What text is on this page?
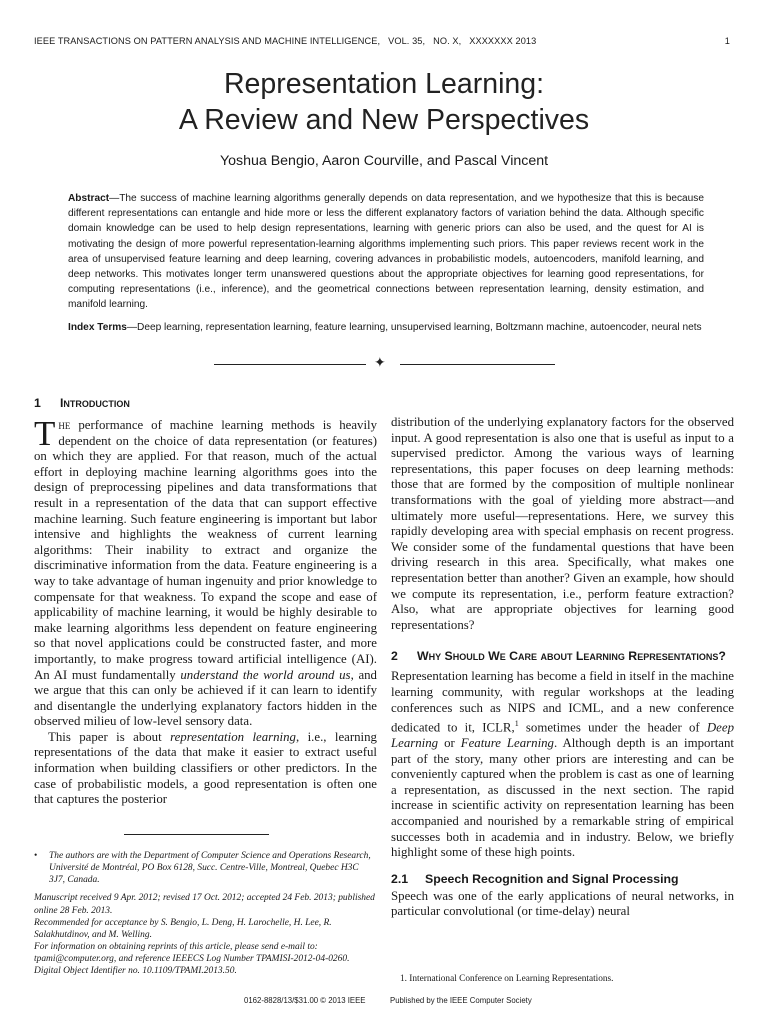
IEEE TRANSACTIONS ON PATTERN ANALYSIS AND MACHINE INTELLIGENCE,   VOL. 35,   NO. X,   XXXXXXX 2013	1
Representation Learning:
A Review and New Perspectives
Yoshua Bengio, Aaron Courville, and Pascal Vincent
Abstract—The success of machine learning algorithms generally depends on data representation, and we hypothesize that this is because different representations can entangle and hide more or less the different explanatory factors of variation behind the data. Although specific domain knowledge can be used to help design representations, learning with generic priors can also be used, and the quest for AI is motivating the design of more powerful representation-learning algorithms implementing such priors. This paper reviews recent work in the area of unsupervised feature learning and deep learning, covering advances in probabilistic models, autoencoders, manifold learning, and deep networks. This motivates longer term unanswered questions about the appropriate objectives for learning good representations, for computing representations (i.e., inference), and the geometrical connections between representation learning, density estimation, and manifold learning.
Index Terms—Deep learning, representation learning, feature learning, unsupervised learning, Boltzmann machine, autoencoder, neural nets
✦
1	Introduction

The performance of machine learning methods is heavily dependent on the choice of data representation (or features) on which they are applied. For that reason, much of the actual effort in deploying machine learning algorithms goes into the design of preprocessing pipelines and data transformations that result in a representation of the data that can support effective machine learning. Such feature engineering is important but labor intensive and highlights the weakness of current learning algorithms: Their inability to extract and organize the discriminative information from the data. Feature engineering is a way to take advantage of human ingenuity and prior knowledge to compensate for that weakness. To expand the scope and ease of applicability of machine learning, it would be highly desirable to make learning algorithms less dependent on feature engineering so that novel applications could be constructed faster, and more importantly, to make progress toward artificial intelligence (AI). An AI must fundamentally understand the world around us, and we argue that this can only be achieved if it can learn to identify and disentangle the underlying explanatory factors hidden in the observed milieu of low-level sensory data.

This paper is about representation learning, i.e., learning representations of the data that make it easier to extract useful information when building classifiers or other predictors. In the case of probabilistic models, a good representation is often one that captures the posterior

•	The authors are with the Department of Computer Science and Operations Research, Université de Montréal, PO Box 6128, Succ. Centre-Ville, Montreal, Quebec H3C 3J7, Canada.
Manuscript received 9 Apr. 2012; revised 17 Oct. 2012; accepted 24 Feb. 2013; published online 28 Feb. 2013.
Recommended for acceptance by S. Bengio, L. Deng, H. Larochelle, H. Lee, R. Salakhutdinov, and M. Welling.
For information on obtaining reprints of this article, please send e-mail to: tpami@computer.org, and reference IEEECS Log Number TPAMISI-2012-04-0260.
Digital Object Identifier no. 10.1109/TPAMI.2013.50.

distribution of the underlying explanatory factors for the observed input. A good representation is also one that is useful as input to a supervised predictor. Among the various ways of learning representations, this paper focuses on deep learning methods: those that are formed by the composition of multiple nonlinear transformations with the goal of yielding more abstract—and ultimately more useful—representations. Here, we survey this rapidly developing area with special emphasis on recent progress. We consider some of the fundamental questions that have been driving research in this area. Specifically, what makes one representation better than another? Given an example, how should we compute its representation, i.e., perform feature extraction? Also, what are appropriate objectives for learning good representations?

2	Why Should We Care about Learning Representations?

Representation learning has become a field in itself in the machine learning community, with regular workshops at the leading conferences such as NIPS and ICML, and a new conference dedicated to it, ICLR,$^1$ sometimes under the header of Deep Learning or Feature Learning. Although depth is an important part of the story, many other priors are interesting and can be conveniently captured when the problem is cast as one of learning a representation, as discussed in the next section. The rapid increase in scientific activity on representation learning has been accompanied and nourished by a remarkable string of empirical successes both in academia and in industry. Below, we briefly highlight some of these high points.

2.1	Speech Recognition and Signal Processing

Speech was one of the early applications of neural networks, in particular convolutional (or time-delay) neural

1. International Conference on Learning Representations.
0162-8828/13/$31.00 © 2013 IEEE	Published by the IEEE Computer Society
